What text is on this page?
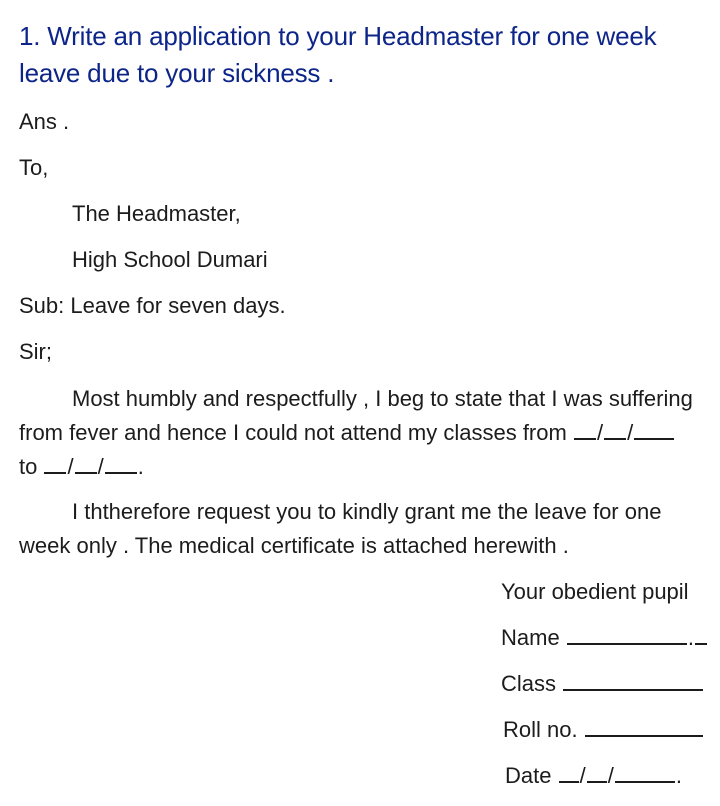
1. Write an application to your Headmaster for one week leave due to your sickness .
Ans .
To,
The Headmaster,
High School Dumari
Sub: Leave for seven days.
Sir;
Most humbly and respectfully , I beg to state that I was suffering from fever and hence I could not attend my classes from / / to / / .
I ththerefore request you to kindly grant me the leave for one week only . The medical certificate is attached herewith .
Your obedient pupil
Name	.
Class
Roll no.
Date / /	.
